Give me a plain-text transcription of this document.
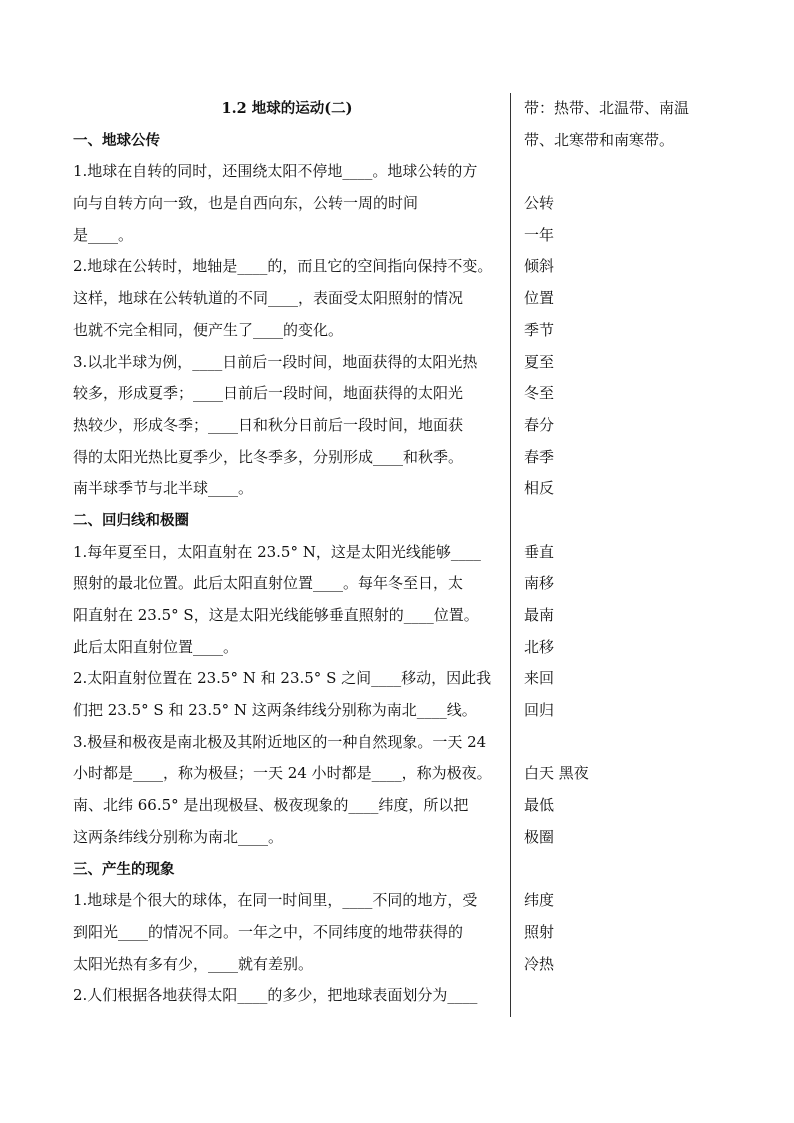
1.2 地球的运动(二)
一、地球公传
1.地球在自转的同时，还围绕太阳不停地____。地球公转的方
向与自转方向一致，也是自西向东，公转一周的时间
是____。
2.地球在公转时，地轴是____的，而且它的空间指向保持不变。
这样，地球在公转轨道的不同____，表面受太阳照射的情况
也就不完全相同，便产生了____的变化。
3.以北半球为例，____日前后一段时间，地面获得的太阳光热
较多，形成夏季；____日前后一段时间，地面获得的太阳光
热较少，形成冬季；____日和秋分日前后一段时间，地面获
得的太阳光热比夏季少，比冬季多，分别形成____和秋季。
南半球季节与北半球____。
二、回归线和极圈
1.每年夏至日，太阳直射在 23.5° N，这是太阳光线能够____
照射的最北位置。此后太阳直射位置____。每年冬至日，太
阳直射在 23.5° S，这是太阳光线能够垂直照射的____位置。
此后太阳直射位置____。
2.太阳直射位置在 23.5° N 和 23.5° S 之间____移动，因此我
们把 23.5° S 和 23.5° N 这两条纬线分别称为南北____线。
3.极昼和极夜是南北极及其附近地区的一种自然现象。一天 24
小时都是____，称为极昼；一天 24 小时都是____，称为极夜。
南、北纬 66.5° 是出现极昼、极夜现象的____纬度，所以把
这两条纬线分别称为南北____。
三、产生的现象
1.地球是个很大的球体，在同一时间里，____不同的地方，受
到阳光____的情况不同。一年之中，不同纬度的地带获得的
太阳光热有多有少，____就有差别。
2.人们根据各地获得太阳____的多少，把地球表面划分为____
带：热带、北温带、南温
带、北寒带和南寒带。
公转
一年
倾斜
位置
季节
夏至
冬至
春分
春季
相反
垂直
南移
最南
北移
来回
回归
白天 黑夜
最低
极圈
纬度
照射
冷热
